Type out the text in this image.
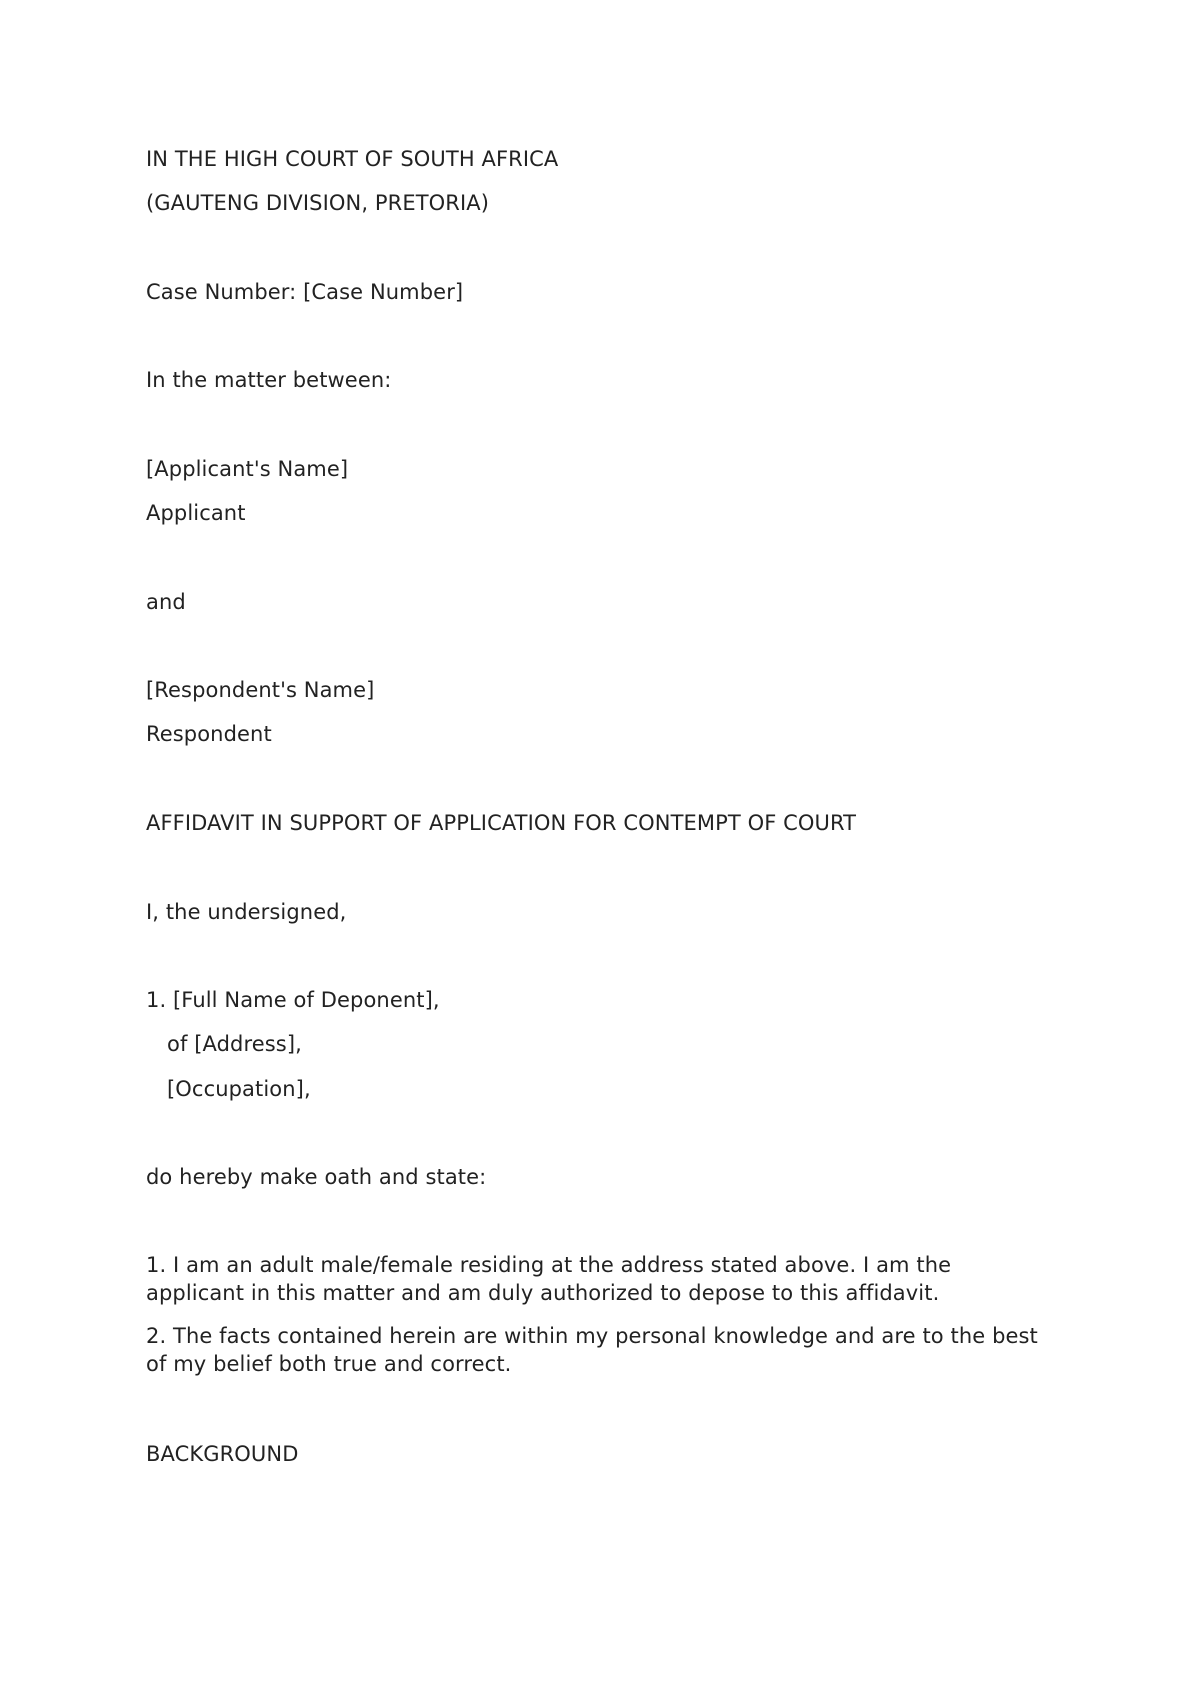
IN THE HIGH COURT OF SOUTH AFRICA
(GAUTENG DIVISION, PRETORIA)
Case Number: [Case Number]
In the matter between:
[Applicant's Name]
Applicant
and
[Respondent's Name]
Respondent
AFFIDAVIT IN SUPPORT OF APPLICATION FOR CONTEMPT OF COURT
I, the undersigned,
1. [Full Name of Deponent],
of [Address],
[Occupation],
do hereby make oath and state:
1. I am an adult male/female residing at the address stated above. I am the applicant in this matter and am duly authorized to depose to this affidavit.
2. The facts contained herein are within my personal knowledge and are to the best of my belief both true and correct.
BACKGROUND
